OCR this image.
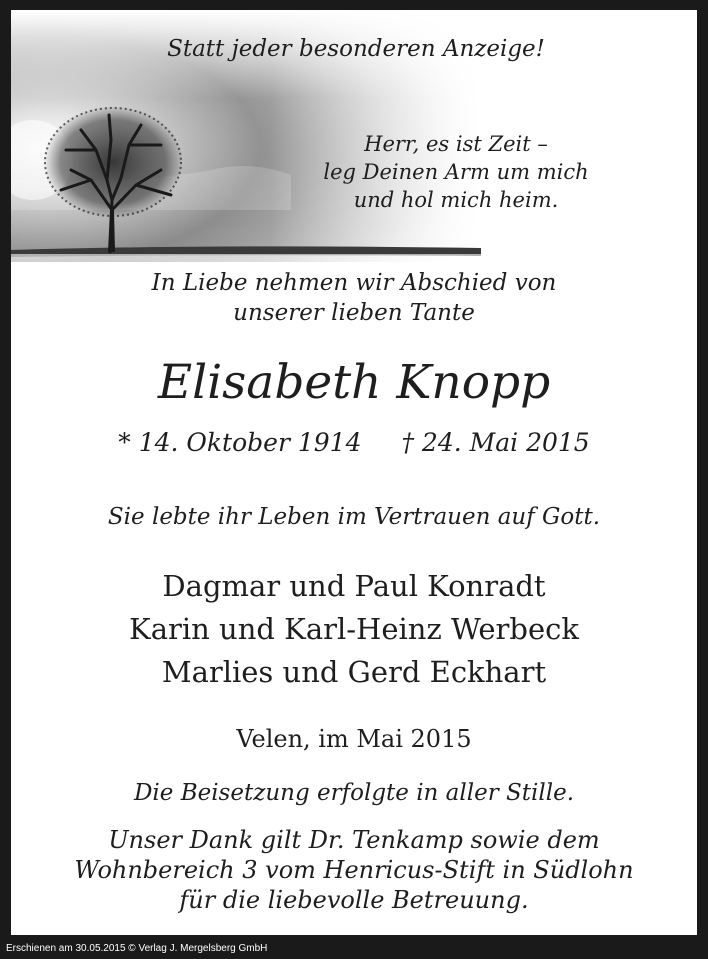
Statt jeder besonderen Anzeige!

Herr, es ist Zeit –
leg Deinen Arm um mich
und hol mich heim.
In Liebe nehmen wir Abschied von
unserer lieben Tante
Elisabeth Knopp
* 14. Oktober 1914 † 24. Mai 2015

Sie lebte ihr Leben im Vertrauen auf Gott.

Dagmar und Paul Konradt
Karin und Karl-Heinz Werbeck
Marlies und Gerd Eckhart

Velen, im Mai 2015

Die Beisetzung erfolgte in aller Stille.

Unser Dank gilt Dr. Tenkamp sowie dem
Wohnbereich 3 vom Henricus-Stift in Südlohn
für die liebevolle Betreuung.
Erschienen am 30.05.2015 © Verlag J. Mergelsberg GmbH
